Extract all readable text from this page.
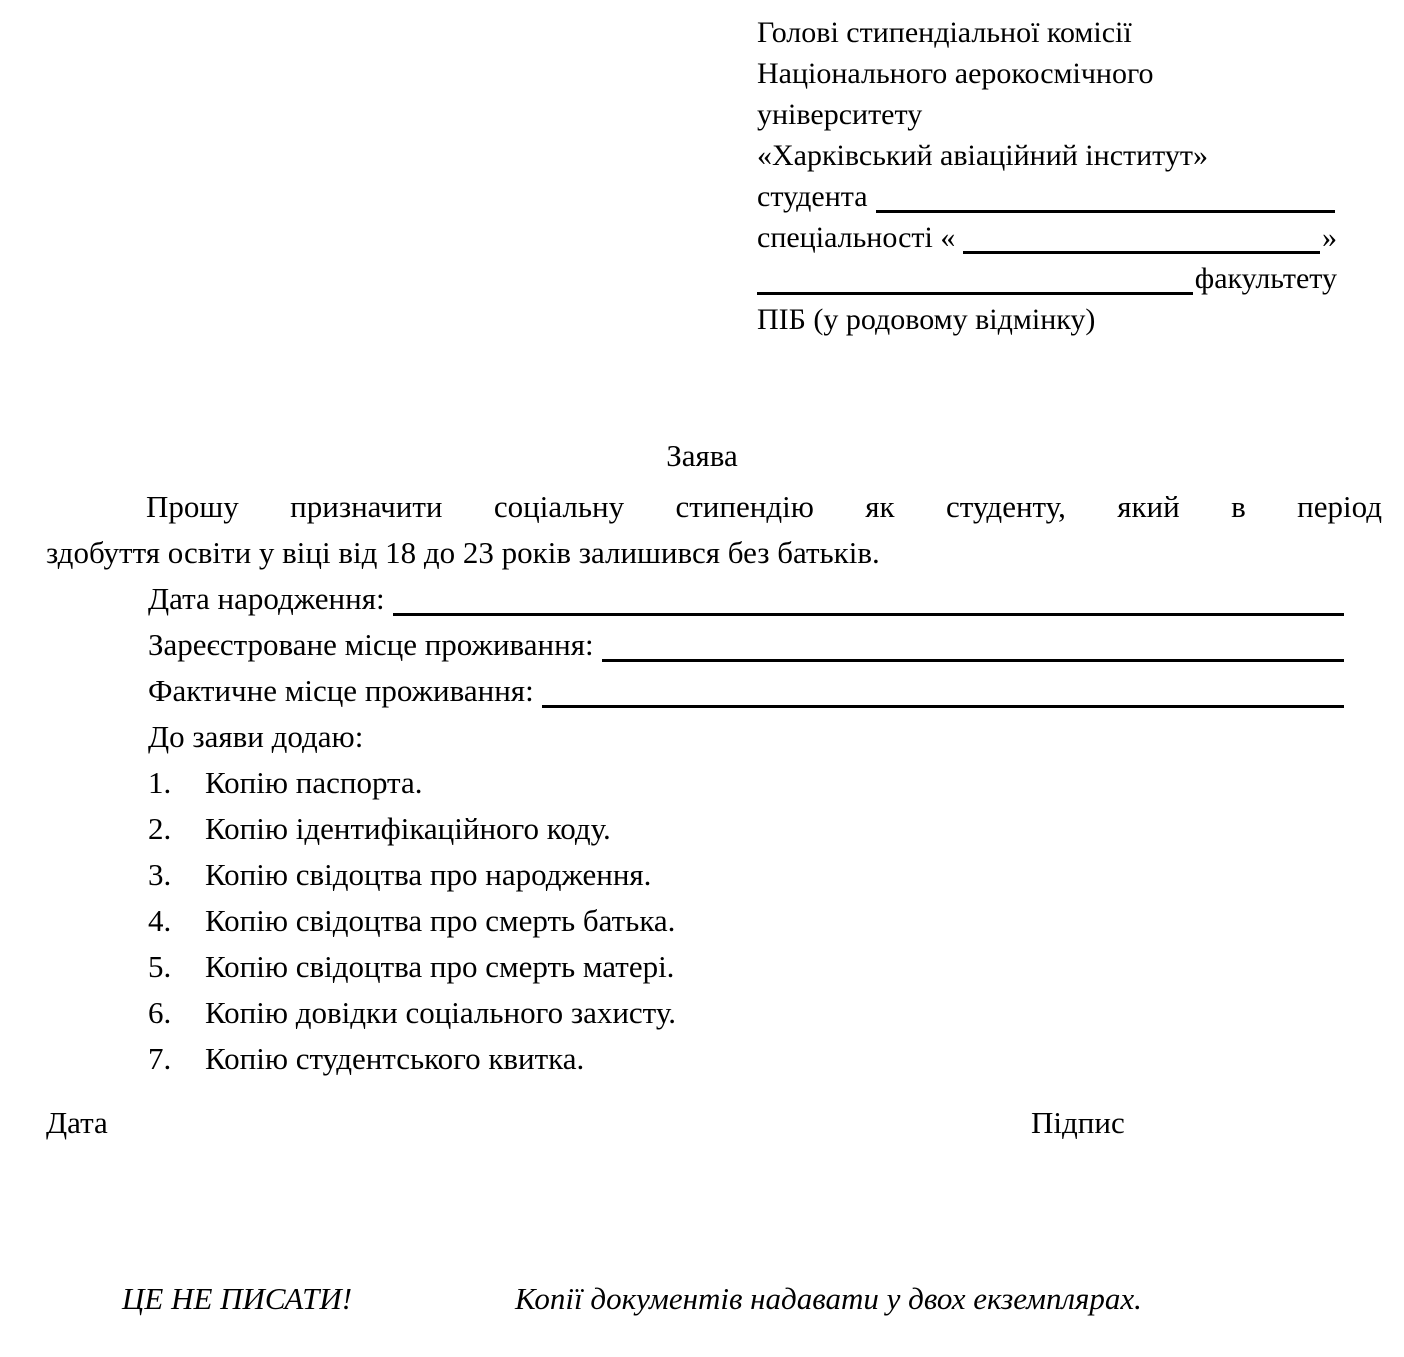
Голові стипендіальної комісії
Національного аерокосмічного
університету
«Харківський авіаційний інститут»
студента
спеціальності «	»
факультету
ПІБ (у родовому відмінку)
Заява
Прошу призначити соціальну стипендію як студенту, який в період
здобуття освіти у віці від 18 до 23 років залишився без батьків.
Дата народження:
Зареєстроване місце проживання:
Фактичне місце проживання:
До заяви додаю:
1.	Копію паспорта.
2.	Копію ідентифікаційного коду.
3.	Копію свідоцтва про народження.
4.	Копію свідоцтва про смерть батька.
5.	Копію свідоцтва про смерть матері.
6.	Копію довідки соціального захисту.
7.	Копію студентського квитка.
Дата	Підпис
ЦЕ НЕ ПИСАТИ!	Копії документів надавати у двох екземплярах.
